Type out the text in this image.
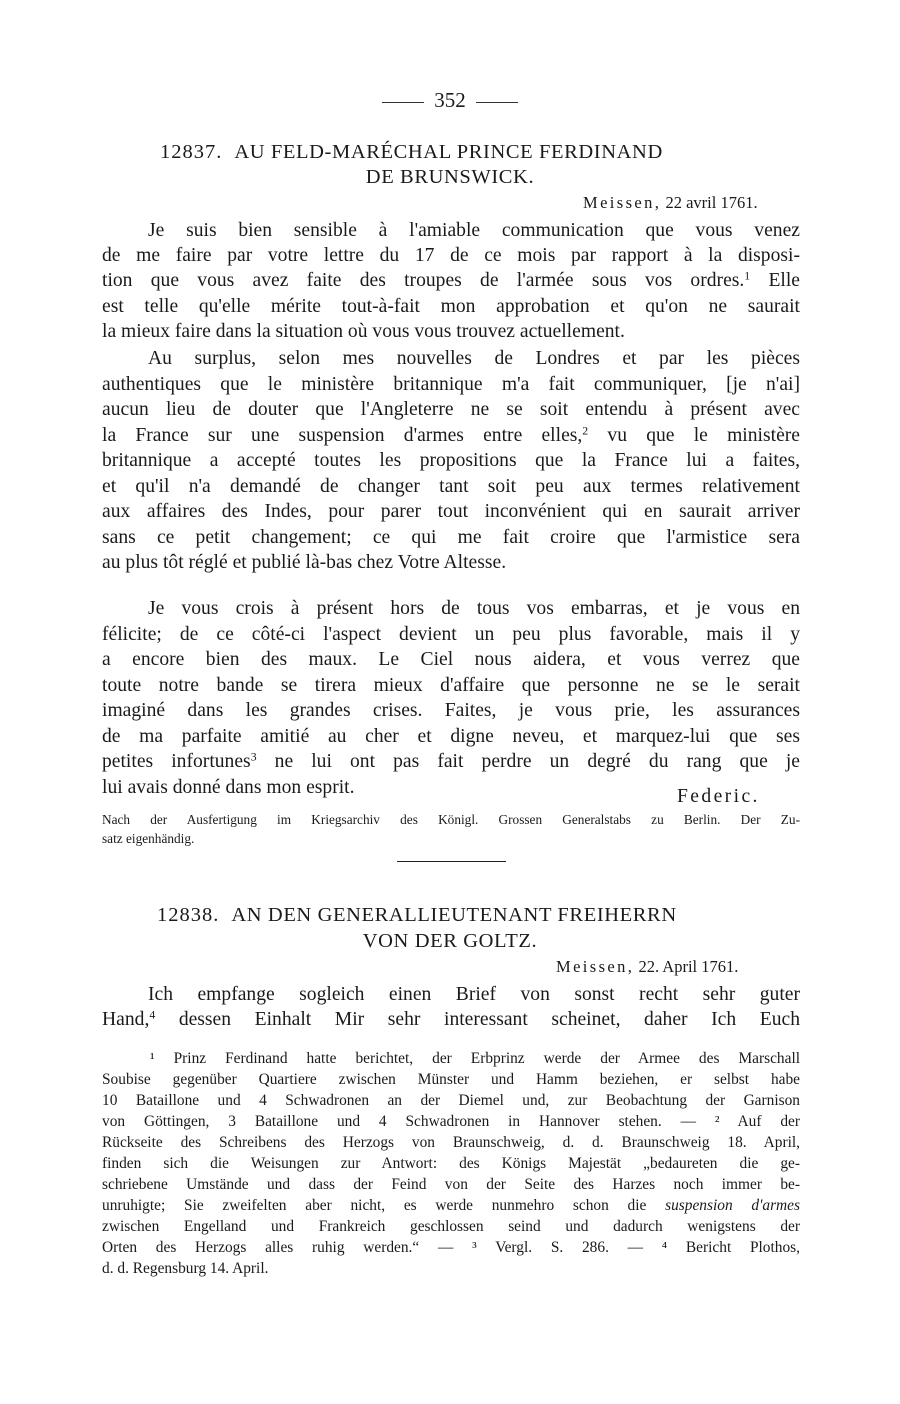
352
12837. AU FELD-MARÉCHAL PRINCE FERDINAND
DE BRUNSWICK.
Meissen, 22 avril 1761.
Je suis bien sensible à l'amiable communication que vous venez
de me faire par votre lettre du 17 de ce mois par rapport à la disposi-
tion que vous avez faite des troupes de l'armée sous vos ordres.$^1$ Elle
est telle qu'elle mérite tout-à-fait mon approbation et qu'on ne saurait
la mieux faire dans la situation où vous vous trouvez actuellement.
Au surplus, selon mes nouvelles de Londres et par les pièces
authentiques que le ministère britannique m'a fait communiquer, [je n'ai]
aucun lieu de douter que l'Angleterre ne se soit entendu à présent avec
la France sur une suspension d'armes entre elles,$^2$ vu que le ministère
britannique a accepté toutes les propositions que la France lui a faites,
et qu'il n'a demandé de changer tant soit peu aux termes relativement
aux affaires des Indes, pour parer tout inconvénient qui en saurait arriver
sans ce petit changement; ce qui me fait croire que l'armistice sera
au plus tôt réglé et publié là-bas chez Votre Altesse.
Je vous crois à présent hors de tous vos embarras, et je vous en
félicite; de ce côté-ci l'aspect devient un peu plus favorable, mais il y
a encore bien des maux. Le Ciel nous aidera, et vous verrez que
toute notre bande se tirera mieux d'affaire que personne ne se le serait
imaginé dans les grandes crises. Faites, je vous prie, les assurances
de ma parfaite amitié au cher et digne neveu, et marquez-lui que ses
petites infortunes$^3$ ne lui ont pas fait perdre un degré du rang que je
lui avais donné dans mon esprit.	Federic.
Nach der Ausfertigung im Kriegsarchiv des Königl. Grossen Generalstabs zu Berlin. Der Zu-
satz eigenhändig.
12838. AN DEN GENERALLIEUTENANT FREIHERRN
VON DER GOLTZ.
Meissen, 22. April 1761.
Ich empfange sogleich einen Brief von sonst recht sehr guter
Hand,$^4$ dessen Einhalt Mir sehr interessant scheinet, daher Ich Euch
¹ Prinz Ferdinand hatte berichtet, der Erbprinz werde der Armee des Marschall
Soubise gegenüber Quartiere zwischen Münster und Hamm beziehen, er selbst habe
10 Bataillone und 4 Schwadronen an der Diemel und, zur Beobachtung der Garnison
von Göttingen, 3 Bataillone und 4 Schwadronen in Hannover stehen. — ² Auf der
Rückseite des Schreibens des Herzogs von Braunschweig, d. d. Braunschweig 18. April,
finden sich die Weisungen zur Antwort: des Königs Majestät „bedaureten die ge-
schriebene Umstände und dass der Feind von der Seite des Harzes noch immer be-
unruhigte; Sie zweifelten aber nicht, es werde nunmehro schon die suspension d'armes
zwischen Engelland und Frankreich geschlossen seind und dadurch wenigstens der
Orten des Herzogs alles ruhig werden.“ — ³ Vergl. S. 286. — ⁴ Bericht Plothos,
d. d. Regensburg 14. April.
